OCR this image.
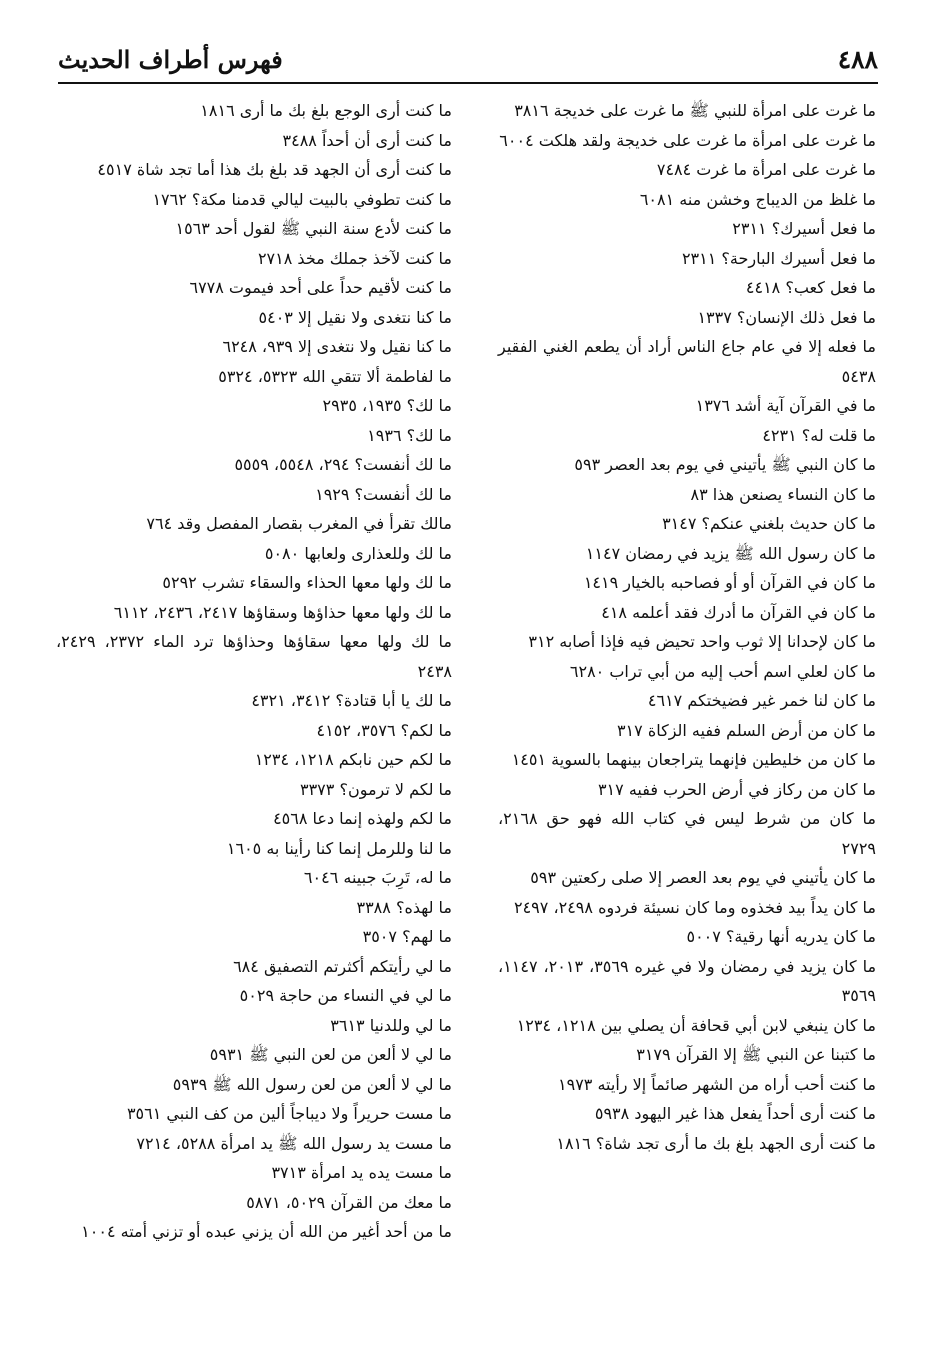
٤٨٨
فهرس أطراف الحديث

ما غرت على امرأة للنبي ﷺ ما غرت على خديجة ٣٨١٦

ما غرت على امرأة ما غرت على خديجة ولقد هلكت ٦٠٠٤

ما غرت على امرأة ما غرت ٧٤٨٤

ما غلظ من الديباج وخشن منه ٦٠٨١

ما فعل أسيرك؟ ٢٣١١

ما فعل أسيرك البارحة؟ ٢٣١١

ما فعل كعب؟ ٤٤١٨

ما فعل ذلك الإنسان؟ ١٣٣٧

ما فعله إلا في عام جاع الناس أراد أن يطعم الغني الفقير ٥٤٣٨

ما في القرآن آية أشد ١٣٧٦

ما قلت له؟ ٤٢٣١

ما كان النبي ﷺ يأتيني في يوم بعد العصر ٥٩٣

ما كان النساء يصنعن هذا ٨٣

ما كان حديث بلغني عنكم؟ ٣١٤٧

ما كان رسول الله ﷺ يزيد في رمضان ١١٤٧

ما كان في القرآن أو أو فصاحبه بالخيار ١٤١٩

ما كان في القرآن ما أدرك فقد أعلمه ٤١٨

ما كان لإحدانا إلا ثوب واحد تحيض فيه فإذا أصابه ٣١٢

ما كان لعلي اسم أحب إليه من أبي تراب ٦٢٨٠

ما كان لنا خمر غير فضيختكم ٤٦١٧

ما كان من أرض السلم ففيه الزكاة ٣١٧

ما كان من خليطين فإنهما يتراجعان بينهما بالسوية ١٤٥١

ما كان من ركاز في أرض الحرب ففيه ٣١٧

ما كان من شرط ليس في كتاب الله فهو حق ٢١٦٨، ٢٧٢٩

ما كان يأتيني في يوم بعد العصر إلا صلى ركعتين ٥٩٣

ما كان يداً بيد فخذوه وما كان نسيئة فردوه ٢٤٩٨، ٢٤٩٧

ما كان يدريه أنها رقية؟ ٥٠٠٧

ما كان يزيد في رمضان ولا في غيره ٣٥٦٩، ٢٠١٣، ١١٤٧، ٣٥٦٩

ما كان ينبغي لابن أبي قحافة أن يصلي بين ١٢١٨، ١٢٣٤

ما كتبنا عن النبي ﷺ إلا القرآن ٣١٧٩

ما كنت أحب أراه من الشهر صائماً إلا رأيته ١٩٧٣

ما كنت أرى أحداً يفعل هذا غير اليهود ٥٩٣٨

ما كنت أرى الجهد بلغ بك ما أرى تجد شاة؟ ١٨١٦

ما كنت أرى الوجع بلغ بك ما أرى ١٨١٦

ما كنت أرى أن أحداً ٣٤٨٨

ما كنت أرى أن الجهد قد بلغ بك هذا أما تجد شاة ٤٥١٧

ما كنت تطوفي بالبيت ليالي قدمنا مكة؟ ١٧٦٢

ما كنت لأدع سنة النبي ﷺ لقول أحد ١٥٦٣

ما كنت لآخذ جملك مخذ ٢٧١٨

ما كنت لأقيم حداً على أحد فيموت ٦٧٧٨

ما كنا نتغدى ولا نقيل إلا ٥٤٠٣

ما كنا نقيل ولا نتغدى إلا ٩٣٩، ٦٢٤٨

ما لفاطمة ألا تتقي الله ٥٣٢٣، ٥٣٢٤

ما لك؟ ١٩٣٥، ٢٩٣٥

ما لك؟ ١٩٣٦

ما لك أنفست؟ ٢٩٤، ٥٥٤٨، ٥٥٥٩

ما لك أنفست؟ ١٩٢٩

مالك تقرأ في المغرب بقصار المفصل وقد ٧٦٤

ما لك وللعذارى ولعابها ٥٠٨٠

ما لك ولها معها الحذاء والسقاء تشرب ٥٢٩٢

ما لك ولها معها حذاؤها وسقاؤها ٢٤١٧، ٢٤٣٦، ٦١١٢

ما لك ولها معها سقاؤها وحذاؤها ترد الماء ٢٣٧٢، ٢٤٢٩، ٢٤٣٨

ما لك يا أبا قتادة؟ ٣٤١٢، ٤٣٢١

ما لكم؟ ٣٥٧٦، ٤١٥٢

ما لكم حين نابكم ١٢١٨، ١٢٣٤

ما لكم لا ترمون؟ ٣٣٧٣

ما لكم ولهذه إنما دعا ٤٥٦٨

ما لنا وللرمل إنما كنا رأينا به ١٦٠٥

ما له، تَرِبَ جبينه ٦٠٤٦

ما لهذه؟ ٣٣٨٨

ما لهم؟ ٣٥٠٧

ما لي رأيتكم أكثرتم التصفيق ٦٨٤

ما لي في النساء من حاجة ٥٠٢٩

ما لي وللدنيا ٣٦١٣

ما لي لا ألعن من لعن النبي ﷺ ٥٩٣١

ما لي لا ألعن من لعن رسول الله ﷺ ٥٩٣٩

ما مست حريراً ولا ديباجاً ألين من كف النبي ٣٥٦١

ما مست يد رسول الله ﷺ يد امرأة ٥٢٨٨، ٧٢١٤

ما مست يده يد امرأة ٣٧١٣

ما معك من القرآن ٥٠٢٩، ٥٨٧١

ما من أحد أغير من الله أن يزني عبده أو تزني أمته ١٠٠٤
